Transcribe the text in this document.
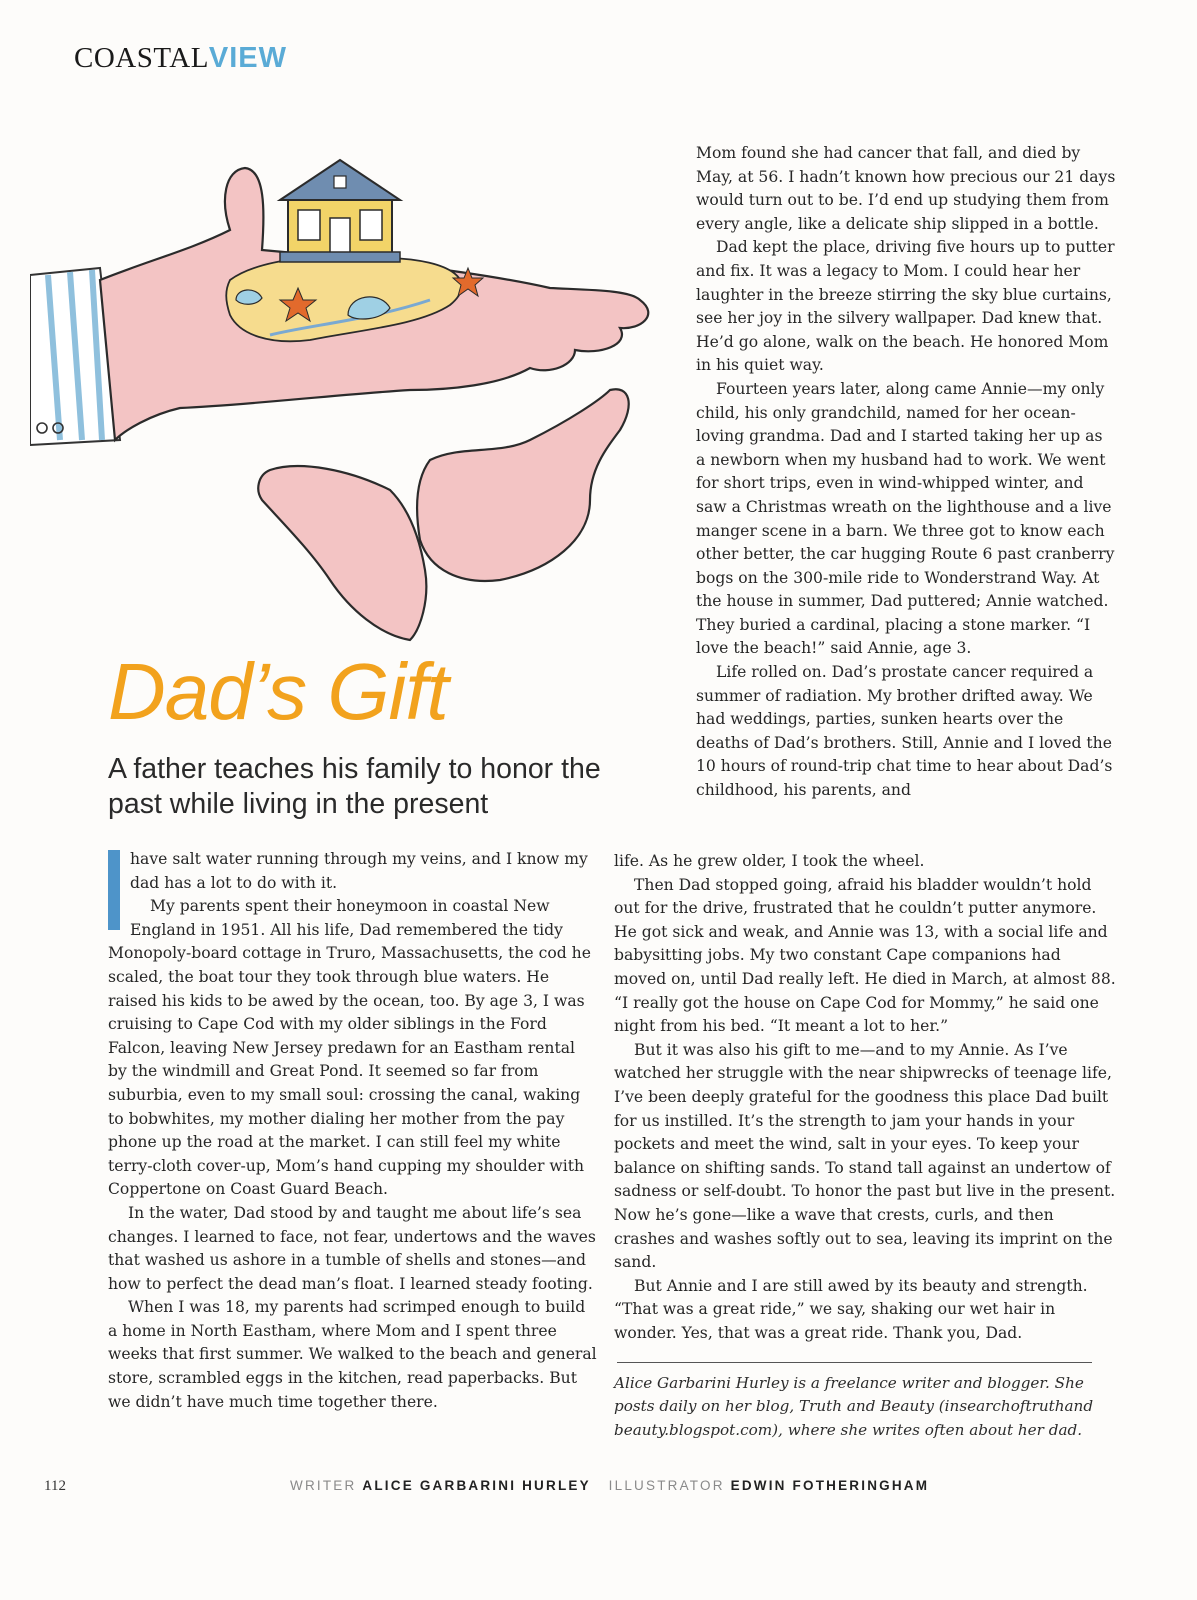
COASTALVIEW
Dad’s Gift

A father teaches his family to honor the past while living in the present

have salt water running through my veins, and I know my dad has a lot to do with it.

My parents spent their honeymoon in coastal New England in 1951. All his life, Dad remembered the tidy Monopoly-board cottage in Truro, Massachusetts, the cod he scaled, the boat tour they took through blue waters. He raised his kids to be awed by the ocean, too. By age 3, I was cruising to Cape Cod with my older siblings in the Ford Falcon, leaving New Jersey predawn for an Eastham rental by the windmill and Great Pond. It seemed so far from suburbia, even to my small soul: crossing the canal, waking to bobwhites, my mother dialing her mother from the pay phone up the road at the market. I can still feel my white terry-cloth cover-up, Mom’s hand cupping my shoulder with Coppertone on Coast Guard Beach.

In the water, Dad stood by and taught me about life’s sea changes. I learned to face, not fear, undertows and the waves that washed us ashore in a tumble of shells and stones—and how to perfect the dead man’s float. I learned steady footing.

When I was 18, my parents had scrimped enough to build a home in North Eastham, where Mom and I spent three weeks that first summer. We walked to the beach and general store, scrambled eggs in the kitchen, read paperbacks. But we didn’t have much time together there.

Mom found she had cancer that fall, and died by May, at 56. I hadn’t known how precious our 21 days would turn out to be. I’d end up studying them from every angle, like a delicate ship slipped in a bottle.

Dad kept the place, driving five hours up to putter and fix. It was a legacy to Mom. I could hear her laughter in the breeze stirring the sky blue curtains, see her joy in the silvery wallpaper. Dad knew that. He’d go alone, walk on the beach. He honored Mom in his quiet way.

Fourteen years later, along came Annie—my only child, his only grandchild, named for her ocean-loving grandma. Dad and I started taking her up as a newborn when my husband had to work. We went for short trips, even in wind-whipped winter, and saw a Christmas wreath on the lighthouse and a live manger scene in a barn. We three got to know each other better, the car hugging Route 6 past cranberry bogs on the 300-mile ride to Wonderstrand Way. At the house in summer, Dad puttered; Annie watched. They buried a cardinal, placing a stone marker. “I love the beach!” said Annie, age 3.

Life rolled on. Dad’s prostate cancer required a summer of radiation. My brother drifted away. We had weddings, parties, sunken hearts over the deaths of Dad’s brothers. Still, Annie and I loved the 10 hours of round-trip chat time to hear about Dad’s childhood, his parents, and

life. As he grew older, I took the wheel.

Then Dad stopped going, afraid his bladder wouldn’t hold out for the drive, frustrated that he couldn’t putter anymore. He got sick and weak, and Annie was 13, with a social life and babysitting jobs. My two constant Cape companions had moved on, until Dad really left. He died in March, at almost 88. “I really got the house on Cape Cod for Mommy,” he said one night from his bed. “It meant a lot to her.”

But it was also his gift to me—and to my Annie. As I’ve watched her struggle with the near shipwrecks of teenage life, I’ve been deeply grateful for the goodness this place Dad built for us instilled. It’s the strength to jam your hands in your pockets and meet the wind, salt in your eyes. To keep your balance on shifting sands. To stand tall against an undertow of sadness or self-doubt. To honor the past but live in the present. Now he’s gone—like a wave that crests, curls, and then crashes and washes softly out to sea, leaving its imprint on the sand.

But Annie and I are still awed by its beauty and strength. “That was a great ride,” we say, shaking our wet hair in wonder. Yes, that was a great ride. Thank you, Dad.

Alice Garbarini Hurley is a freelance writer and blogger. She posts daily on her blog, Truth and Beauty (insearchoftruthand beauty.blogspot.com), where she writes often about her dad.

112	WRITER ALICE GARBARINI HURLEY ILLUSTRATOR EDWIN FOTHERINGHAM
